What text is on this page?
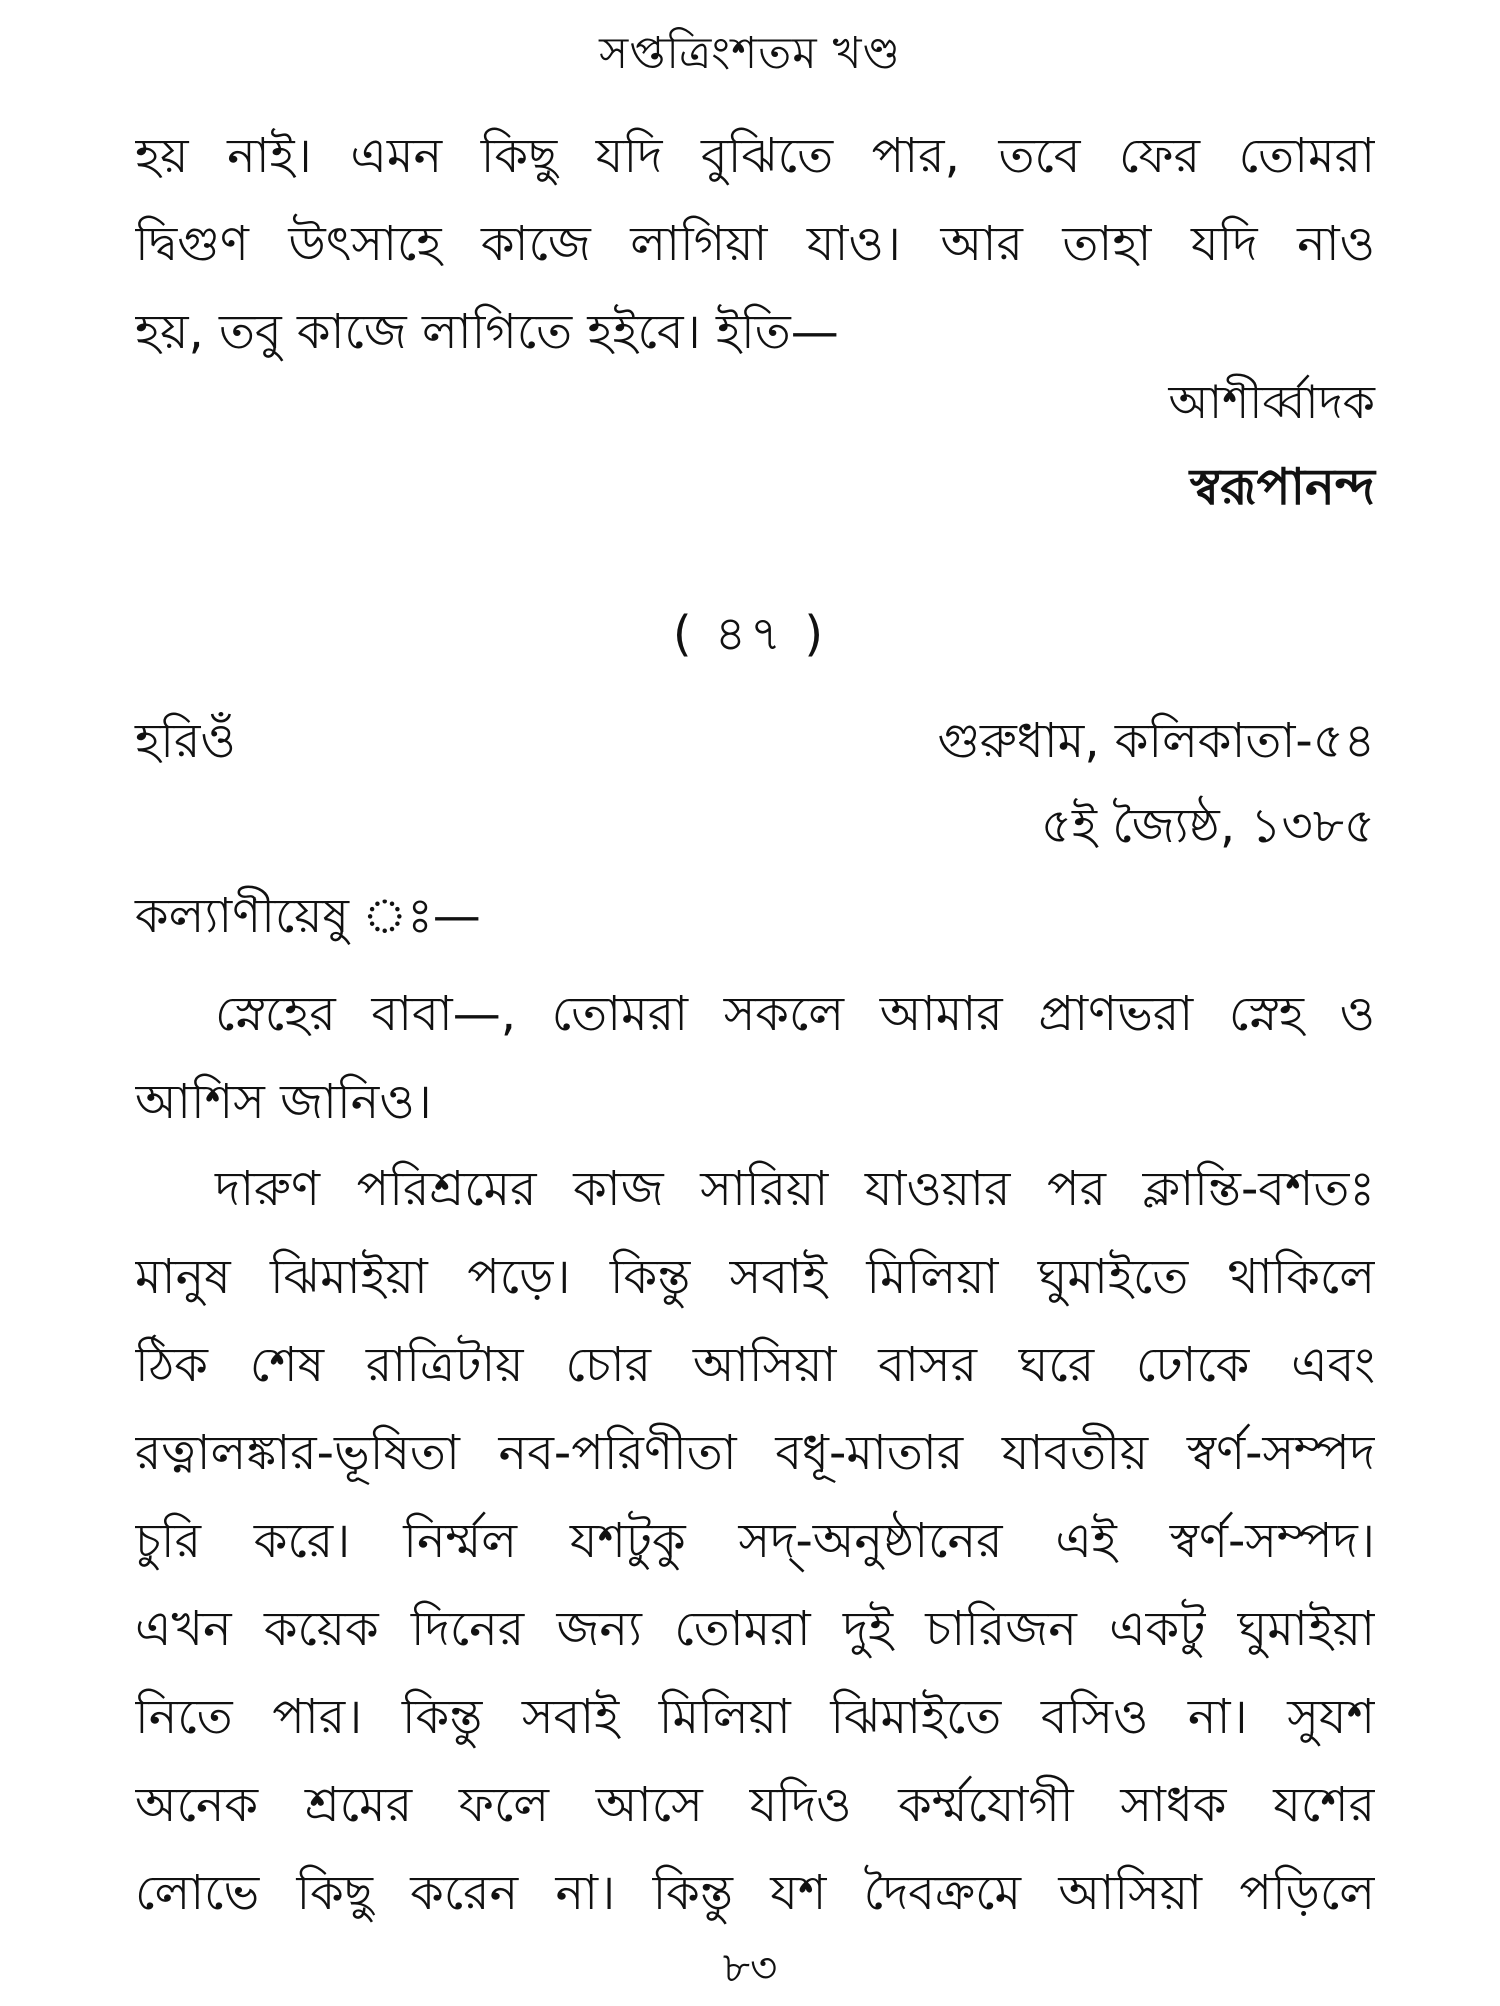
সপ্তত্রিংশতম খণ্ড
হয় নাই। এমন কিছু যদি বুঝিতে পার, তবে ফের তোমরা
দ্বিগুণ উৎসাহে কাজে লাগিয়া যাও। আর তাহা যদি নাও
হয়, তবু কাজে লাগিতে হইবে। ইতি—
আশীর্ব্বাদক
স্বরূপানন্দ
( ৪৭ )
হরিওঁ	গুরুধাম, কলিকাতা-৫৪
৫ই জ্যৈষ্ঠ, ১৩৮৫
কল্যাণীয়েষু ঃ—
স্নেহের বাবা—, তোমরা সকলে আমার প্রাণভরা স্নেহ ও
আশিস জানিও।
দারুণ পরিশ্রমের কাজ সারিয়া যাওয়ার পর ক্লান্তি-বশতঃ
মানুষ ঝিমাইয়া পড়ে। কিন্তু সবাই মিলিয়া ঘুমাইতে থাকিলে
ঠিক শেষ রাত্রিটায় চোর আসিয়া বাসর ঘরে ঢোকে এবং
রত্নালঙ্কার-ভূষিতা নব-পরিণীতা বধূ-মাতার যাবতীয় স্বর্ণ-সম্পদ
চুরি করে। নির্ম্মল যশটুকু সদ্‌-অনুষ্ঠানের এই স্বর্ণ-সম্পদ।
এখন কয়েক দিনের জন্য তোমরা দুই চারিজন একটু ঘুমাইয়া
নিতে পার। কিন্তু সবাই মিলিয়া ঝিমাইতে বসিও না। সুযশ
অনেক শ্রমের ফলে আসে যদিও কর্ম্মযোগী সাধক যশের
লোভে কিছু করেন না। কিন্তু যশ দৈবক্রমে আসিয়া পড়িলে
৮৩
